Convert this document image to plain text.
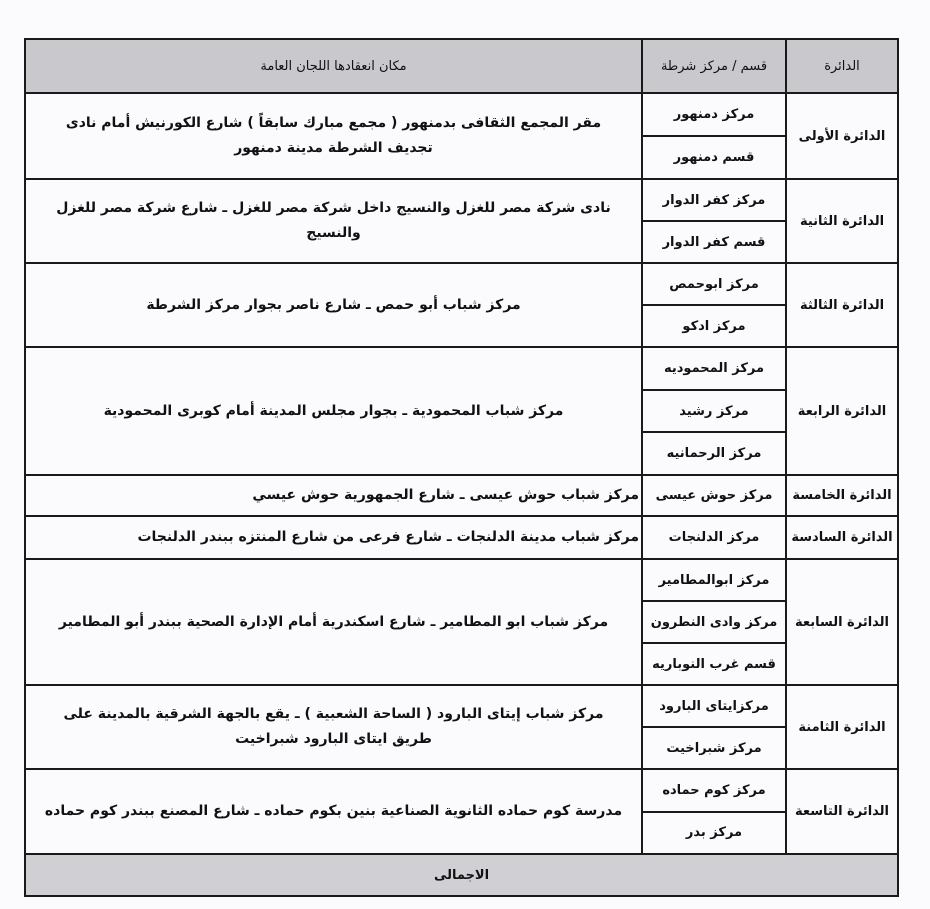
الدائرة
قسم / مركز شرطة
مكان انعقادها اللجان العامة
الدائرة الأولى
مركز دمنهور
قسم دمنهور
مقر المجمع الثقافى بدمنهور ( مجمع مبارك سابقاً ) شارع الكورنيش أمام نادى تجديف الشرطة مدينة دمنهور
الدائرة الثانية
مركز كفر الدوار
قسم كفر الدوار
نادى شركة مصر للغزل والنسيج داخل شركة مصر للغزل ـ شارع شركة مصر للغزل والنسيج
الدائرة الثالثة
مركز ابوحمص
مركز ادكو
مركز شباب أبو حمص ـ شارع ناصر بجوار مركز الشرطة
الدائرة الرابعة
مركز المحموديه
مركز رشيد
مركز الرحمانيه
مركز شباب المحمودية ـ بجوار مجلس المدينة أمام كوبرى المحمودية
الدائرة الخامسة
مركز حوش عيسى
مركز شباب حوش عيسى ـ شارع الجمهورية حوش عيسي
الدائرة السادسة
مركز الدلنجات
مركز شباب مدينة الدلنجات ـ شارع فرعى من شارع المنتزه ببندر الدلنجات
الدائرة السابعة
مركز ابوالمطامير
مركز وادى النطرون
قسم غرب النوباريه
مركز شباب ابو المطامير ـ شارع اسكندرية أمام الإدارة الصحية ببندر أبو المطامير
الدائرة الثامنة
مركزايتاى البارود
مركز شبراخيت
مركز شباب إيتاى البارود ( الساحة الشعبية ) ـ يقع بالجهة الشرقية بالمدينة على طريق ايتاى البارود شبراخيت
الدائرة التاسعة
مركز كوم حماده
مركز بدر
مدرسة كوم حماده الثانوية الصناعية بنين بكوم حماده ـ شارع المصنع ببندر كوم حماده
الاجمالى
